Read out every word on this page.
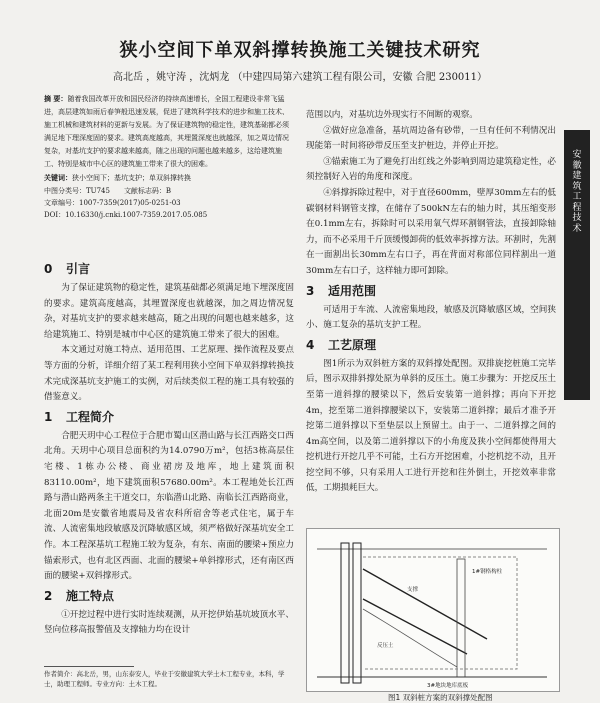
狭小空间下单双斜撑转换施工关键技术研究
高北岳 ，姚守涛 ，沈炳龙 （中建四局第六建筑工程有限公司，安徽 合肥 230011）

摘 要：随着我国改革开放和国民经济的持续高速增长，全国工程建设非常飞猛进，高层建筑如雨后春笋般迅速发展，促进了建筑科学技术的进步和施工技术、施工机械和建筑材料的更新与发展。为了保证建筑物的稳定性，建筑基础都必须满足地下理深度固的要求。建筑高度越高，其埋置深度也就越深，加之周边情况复杂，对基坑支护的要求越来越高，随之出现的问题也越来越多，这给建筑施工、特别是城市中心区的建筑施工带来了很大的困难。

关键词：狭小空间下；基坑支护；单双斜撑转换

中图分类号：TU745 文献标志码：B
文章编号：1007-7359(2017)05-0251-03
DOI：10.16330/j.cnki.1007-7359.2017.05.085
0 引言

为了保证建筑物的稳定性，建筑基础都必须满足地下埋深度固的要求。建筑高度越高，其埋置深度也就越深，加之周边情况复杂，对基坑支护的要求越来越高，随之出现的问题也越来越多，这给建筑施工、特别是城市中心区的建筑施工带来了很大的困难。

本文通过对施工特点、适用范围、工艺原理、操作流程及要点等方面的分析，详细介绍了某工程利用狭小空间下单双斜撑转换技术完成深基坑支护施工的实例，对后续类似工程的施工具有较强的借鉴意义。

1 工程简介

合肥天玥中心工程位于合肥市蜀山区潜山路与长江西路交口西北角。天玥中心项目总面积约为14.0790万m²，包括3栋高层住宅楼、1栋办公楼、商业裙房及地库，地上建筑面积83110.00m²，地下建筑面积57680.00m²。本工程地处长江西路与潜山路两条主干道交口，东临潜山北路、南临长江西路商业，北面20m是安徽省地震局及省农科所宿舍等老式住宅，属于车流、人流密集地段敏感及沉降敏感区域，须严格做好深基坑安全工作。本工程深基坑工程施工较为复杂，有东、南面的腰梁+预应力锚索形式，也有北区西面、北面的腰梁+单斜撑形式，还有南区西面的腰梁+双斜撑形式。

2 施工特点

①开挖过程中进行实时连续观测，从开挖伊始基坑坡顶水平、竖向位移高报警值及支撑轴力均在设计

作者简介：高北岳，男，山东泰安人，毕业于安徽建筑大学土木工程专业，本科，学士，助理工程师。专业方向：土木工程。

范围以内，对基坑边外现实行不间断的观察。

②做好应急准备，基坑周边备有砂带，一旦有任何不利情况出现能第一时间将砂带反压至支护桩边，并停止开挖。

③锚索施工为了避免打出红线之外影响到周边建筑稳定性，必须控制好入岩的角度和深度。

④斜撑拆除过程中，对于直径600mm，壁厚30mm左右的低碳钢材料钢管支撑，在储存了500kN左右的轴力时，其压缩变形在0.1mm左右，拆除时可以采用氧气焊环割钢管法，直接卸除轴力，而不必采用千斤顶缓慢卸荷的低效率拆撑方法。环割时，先割在一面割出长30mm左右口子，再在背面对称部位同样割出一道30mm左右口子，这样轴力即可卸除。

3 适用范围

可适用于车流、人流密集地段，敏感及沉降敏感区域，空间狭小、施工复杂的基坑支护工程。

4 工艺原理

图1所示为双斜桩方案的双斜撑处配图。双排旋挖桩施工完毕后，图示双排斜撑处原为单斜的反压土。施工步骤为：开挖反压土至第一道斜撑的腰梁以下，然后安装第一道斜撑；再向下开挖4m，挖至第二道斜撑腰梁以下，安装第二道斜撑；最后才准予开挖第二道斜撑以下至垫层以上预留土。由于一、二道斜撑之间的4m高空间，以及第二道斜撑以下的小角度及狭小空间都使得用大挖机进行开挖几乎不可能，土石方开挖困难，小挖机挖不动，且开挖空间不够，只有采用人工进行开挖和往外倒土，开挖效率非常低，工期损耗巨大。

安徽建筑 工程技术
1#钢格构柱
3#地块地库底板
支撑
反压土
图1 双斜桩方案的双斜撑处配图
